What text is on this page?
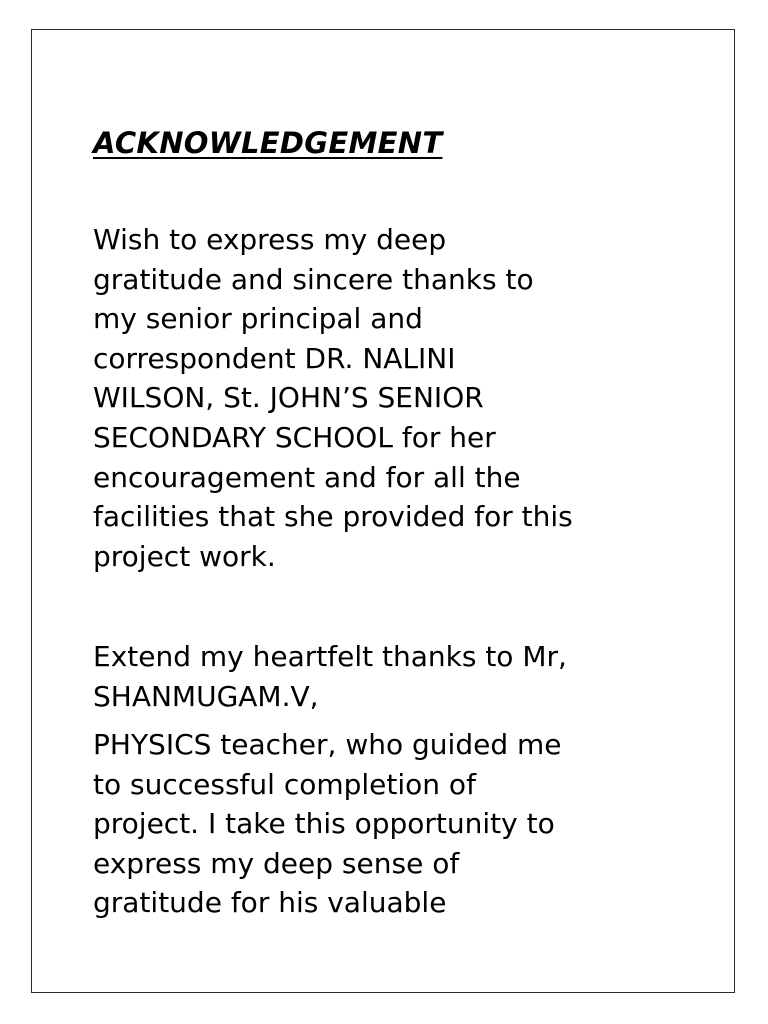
ACKNOWLEDGEMENT

Wish to express my deep
gratitude and sincere thanks to
my senior principal and
correspondent DR. NALINI
WILSON, St. JOHN’S SENIOR
SECONDARY SCHOOL for her
encouragement and for all the
facilities that she provided for this
project work.

Extend my heartfelt thanks to Mr,
SHANMUGAM.V,

PHYSICS teacher, who guided me
to successful completion of
project. I take this opportunity to
express my deep sense of
gratitude for his valuable
